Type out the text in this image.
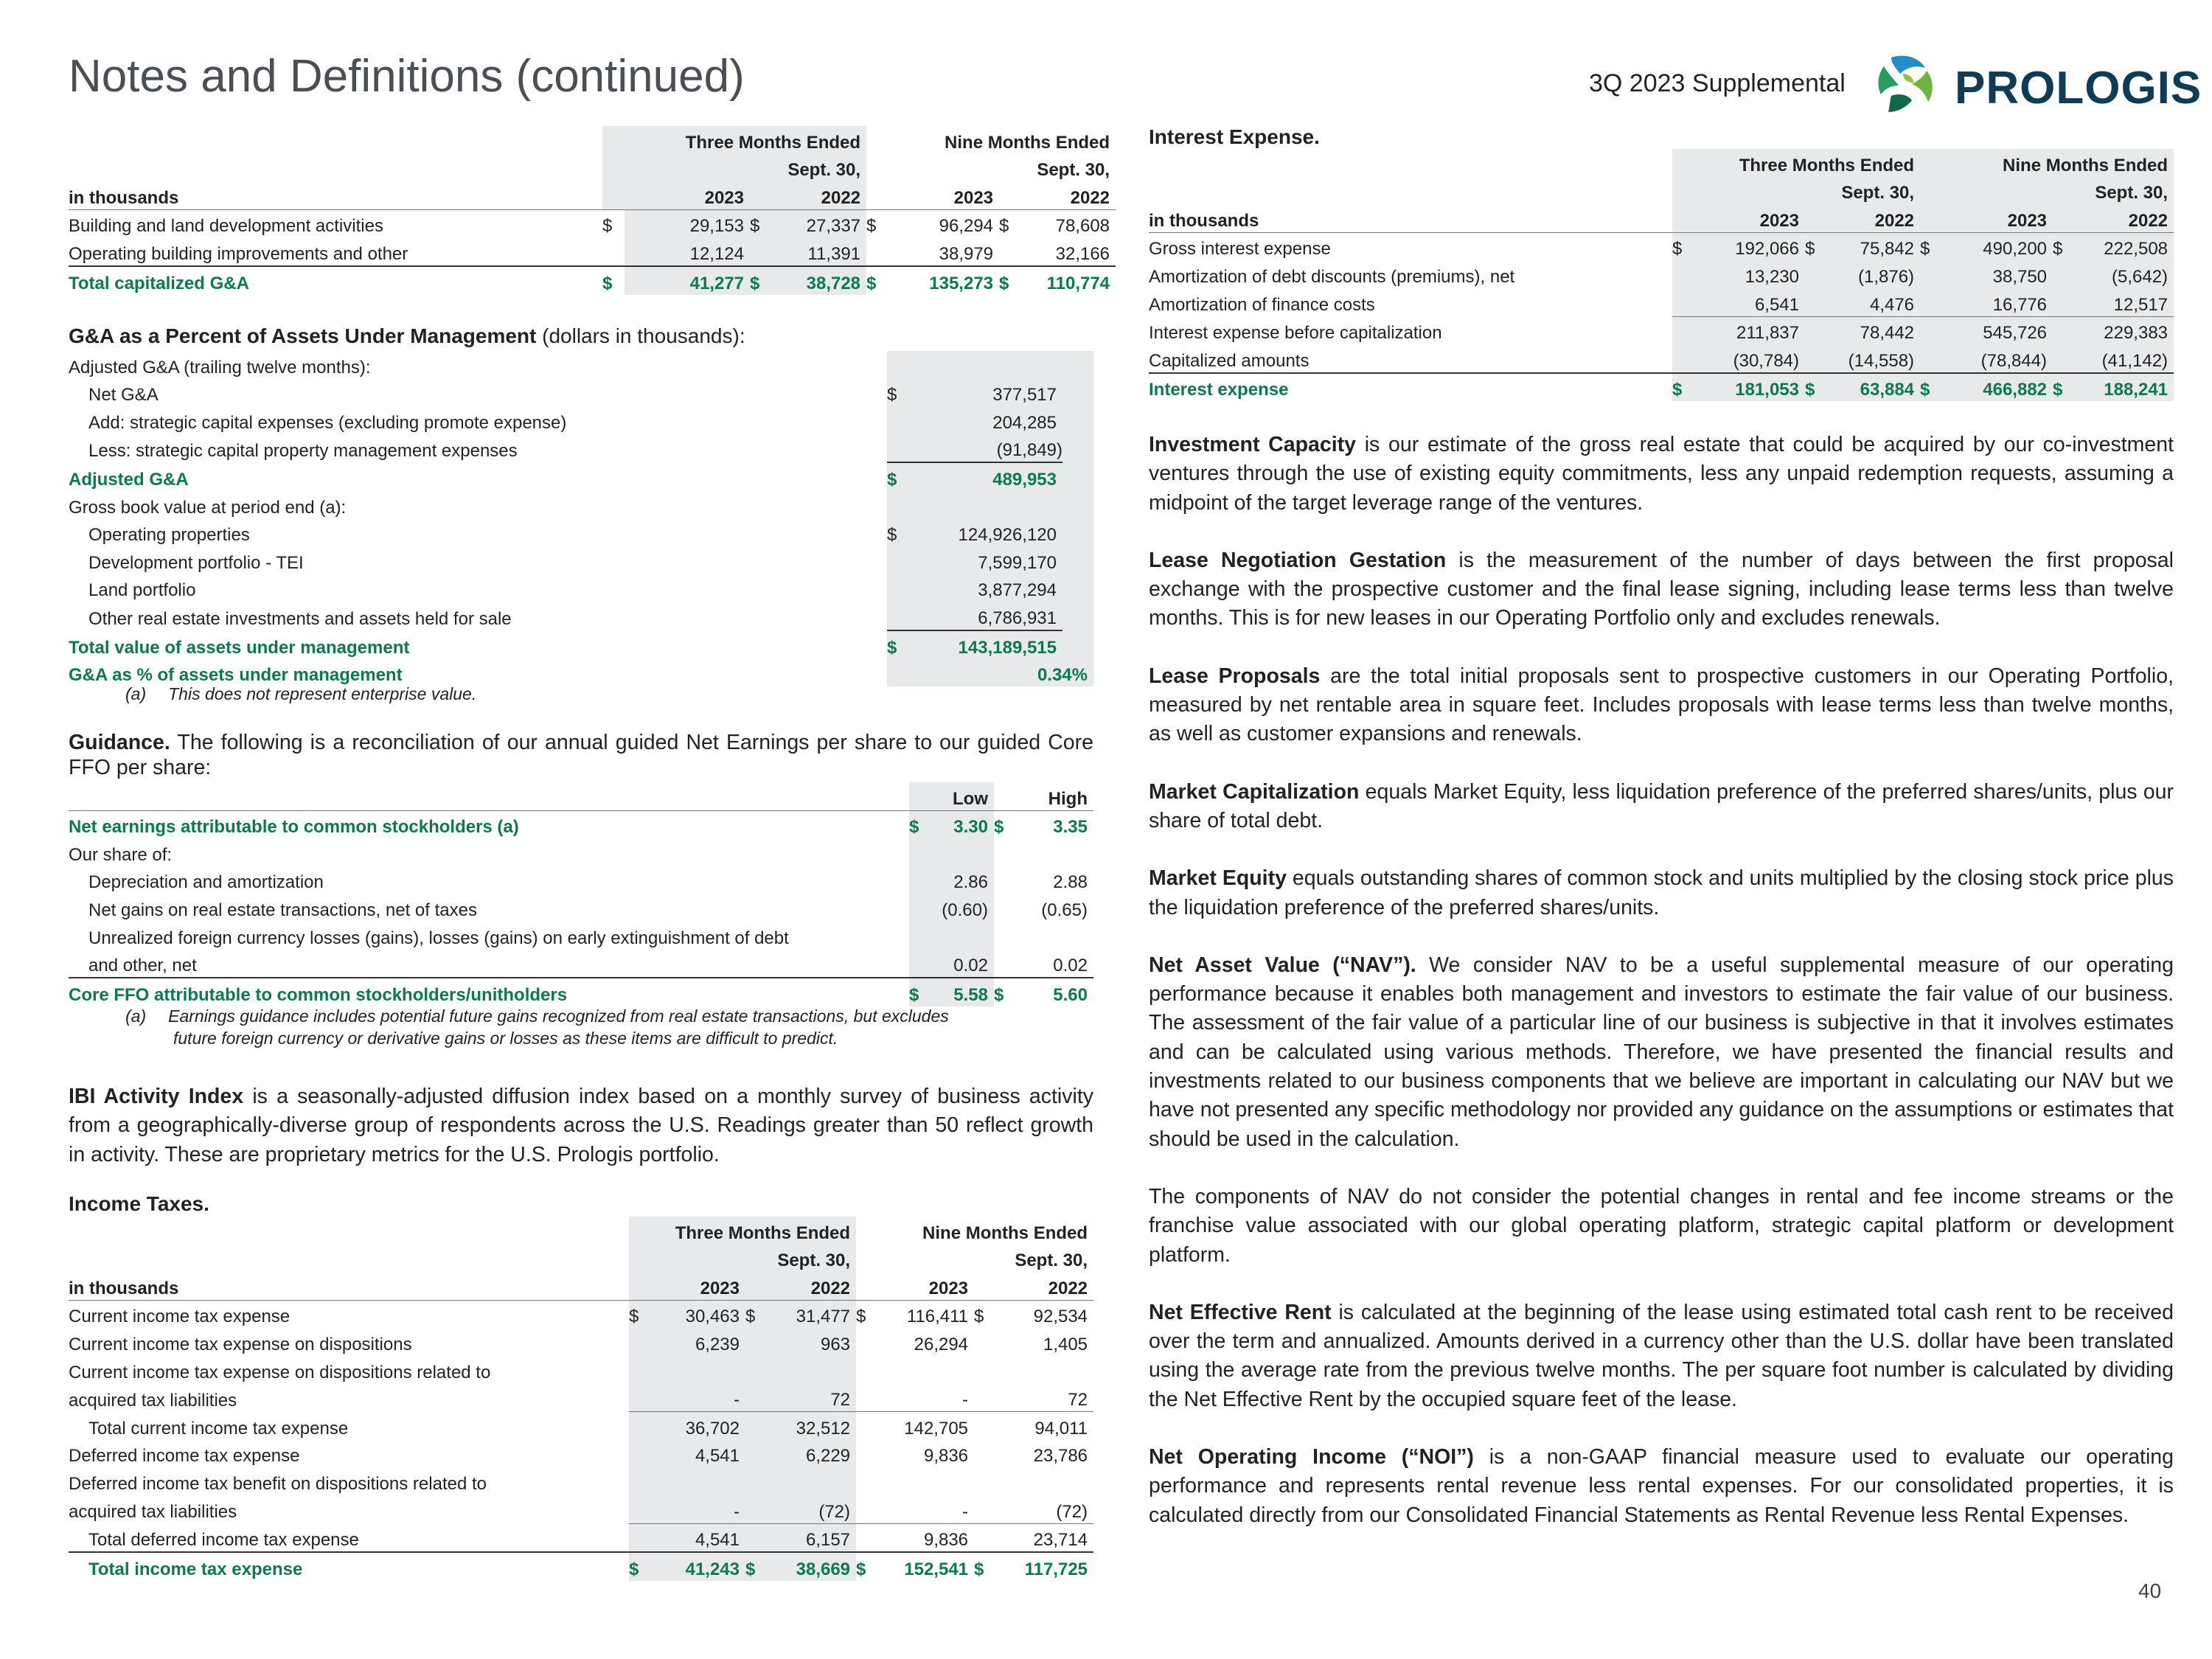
Notes and Definitions (continued)	3Q 2023 Supplemental PROLOGIS
			Three Months Ended				Nine Months Ended			
			Sept. 30,				Sept. 30,			
in thousands				2023		2022		2023		2022
Building and land development activities			$	29,153	$	27,337	$	96,294	$	78,608
Operating building improvements and other				12,124		11,391		38,979		32,166
Total capitalized G&A			$	41,277	$	38,728	$	135,273	$	110,774
G&A as a Percent of Assets Under Management (dollars in thousands):
Adjusted G&A (trailing twelve months):			
Net G&A	$	377,517	
Add: strategic capital expenses (excluding promote expense)		204,285	
Less: strategic capital property management expenses		(91,849)	
Adjusted G&A	$	489,953	
Gross book value at period end (a):			
Operating properties	$	124,926,120	
Development portfolio - TEI		7,599,170	
Land portfolio		3,877,294	
Other real estate investments and assets held for sale		6,786,931	
Total value of assets under management	$	143,189,515	
G&A as % of assets under management		0.34%	
(a) This does not represent enterprise value.
Guidance. The following is a reconciliation of our annual guided Net Earnings per share to our guided Core FFO per share:
		Low		High
Net earnings attributable to common stockholders (a)	$	3.30	$	3.35
Our share of:				
Depreciation and amortization		2.86		2.88
Net gains on real estate transactions, net of taxes		(0.60)		(0.65)
Unrealized foreign currency losses (gains), losses (gains) on early extinguishment of debt				
and other, net		0.02		0.02
Core FFO attributable to common stockholders/unitholders	$	5.58	$	5.60
(a) Earnings guidance includes potential future gains recognized from real estate transactions, but excludes
future foreign currency or derivative gains or losses as these items are difficult to predict.
IBI Activity Index is a seasonally-adjusted diffusion index based on a monthly survey of business activity from a geographically-diverse group of respondents across the U.S. Readings greater than 50 reflect growth in activity. These are proprietary metrics for the U.S. Prologis portfolio.
Income Taxes.
		Three Months Ended				Nine Months Ended			
		Sept. 30,				Sept. 30,			
in thousands			2023		2022		2023		2022
Current income tax expense		$	30,463	$	31,477	$	116,411	$	92,534
Current income tax expense on dispositions			6,239		963		26,294		1,405
Current income tax expense on dispositions related to									
acquired tax liabilities			-		72		-		72
Total current income tax expense			36,702		32,512		142,705		94,011
Deferred income tax expense			4,541		6,229		9,836		23,786
Deferred income tax benefit on dispositions related to									
acquired tax liabilities			-		(72)		-		(72)
Total deferred income tax expense			4,541		6,157		9,836		23,714
Total income tax expense		$	41,243	$	38,669	$	152,541	$	117,725
Interest Expense.
		Three Months Ended				Nine Months Ended			
		Sept. 30,				Sept. 30,			
in thousands			2023		2022		2023		2022
Gross interest expense		$	192,066	$	75,842	$	490,200	$	222,508
Amortization of debt discounts (premiums), net			13,230		(1,876)		38,750		(5,642)
Amortization of finance costs			6,541		4,476		16,776		12,517
Interest expense before capitalization			211,837		78,442		545,726		229,383
Capitalized amounts			(30,784)		(14,558)		(78,844)		(41,142)
Interest expense		$	181,053	$	63,884	$	466,882	$	188,241
Investment Capacity is our estimate of the gross real estate that could be acquired by our co-investment ventures through the use of existing equity commitments, less any unpaid redemption requests, assuming a midpoint of the target leverage range of the ventures.
Lease Negotiation Gestation is the measurement of the number of days between the first proposal exchange with the prospective customer and the final lease signing, including lease terms less than twelve months. This is for new leases in our Operating Portfolio only and excludes renewals.
Lease Proposals are the total initial proposals sent to prospective customers in our Operating Portfolio, measured by net rentable area in square feet. Includes proposals with lease terms less than twelve months, as well as customer expansions and renewals.
Market Capitalization equals Market Equity, less liquidation preference of the preferred shares/units, plus our share of total debt.
Market Equity equals outstanding shares of common stock and units multiplied by the closing stock price plus the liquidation preference of the preferred shares/units.
Net Asset Value (“NAV”). We consider NAV to be a useful supplemental measure of our operating performance because it enables both management and investors to estimate the fair value of our business. The assessment of the fair value of a particular line of our business is subjective in that it involves estimates and can be calculated using various methods. Therefore, we have presented the financial results and investments related to our business components that we believe are important in calculating our NAV but we have not presented any specific methodology nor provided any guidance on the assumptions or estimates that should be used in the calculation.
The components of NAV do not consider the potential changes in rental and fee income streams or the franchise value associated with our global operating platform, strategic capital platform or development platform.
Net Effective Rent is calculated at the beginning of the lease using estimated total cash rent to be received over the term and annualized. Amounts derived in a currency other than the U.S. dollar have been translated using the average rate from the previous twelve months. The per square foot number is calculated by dividing the Net Effective Rent by the occupied square feet of the lease.
Net Operating Income (“NOI”) is a non-GAAP financial measure used to evaluate our operating performance and represents rental revenue less rental expenses. For our consolidated properties, it is calculated directly from our Consolidated Financial Statements as Rental Revenue less Rental Expenses.
40
